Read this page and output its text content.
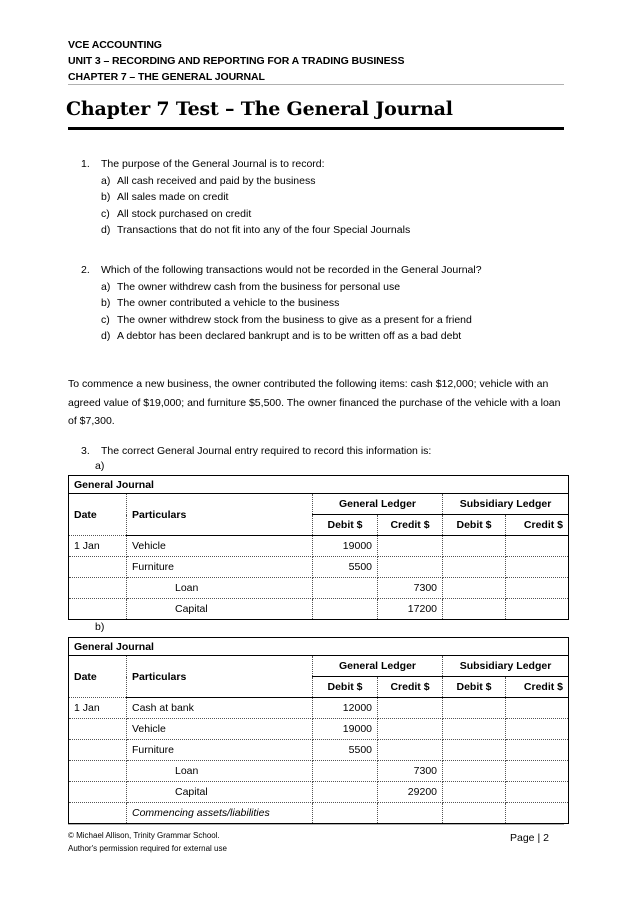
VCE ACCOUNTING
UNIT 3 – RECORDING AND REPORTING FOR A TRADING BUSINESS
CHAPTER 7 – THE GENERAL JOURNAL
Chapter 7 Test – The General Journal
1. The purpose of the General Journal is to record:
a) All cash received and paid by the business
b) All sales made on credit
c) All stock purchased on credit
d) Transactions that do not fit into any of the four Special Journals
2. Which of the following transactions would not be recorded in the General Journal?
a) The owner withdrew cash from the business for personal use
b) The owner contributed a vehicle to the business
c) The owner withdrew stock from the business to give as a present for a friend
d) A debtor has been declared bankrupt and is to be written off as a bad debt
To commence a new business, the owner contributed the following items: cash $12,000; vehicle with an agreed value of $19,000; and furniture $5,500. The owner financed the purchase of the vehicle with a loan of $7,300.
3. The correct General Journal entry required to record this information is:
a)
General Journal					
Date	Particulars	General Ledger		Subsidiary Ledger	
		Debit $	Credit $	Debit $	Credit $
1 Jan	Vehicle	19000			
	Furniture	5500			
	Loan		7300		
	Capital		17200		
b)
General Journal					
Date	Particulars	General Ledger		Subsidiary Ledger	
		Debit $	Credit $	Debit $	Credit $
1 Jan	Cash at bank	12000			
	Vehicle	19000			
	Furniture	5500			
	Loan		7300		
	Capital		29200		
	Commencing assets/liabilities				
© Michael Allison, Trinity Grammar School.
Author's permission required for external use
Page | 2
